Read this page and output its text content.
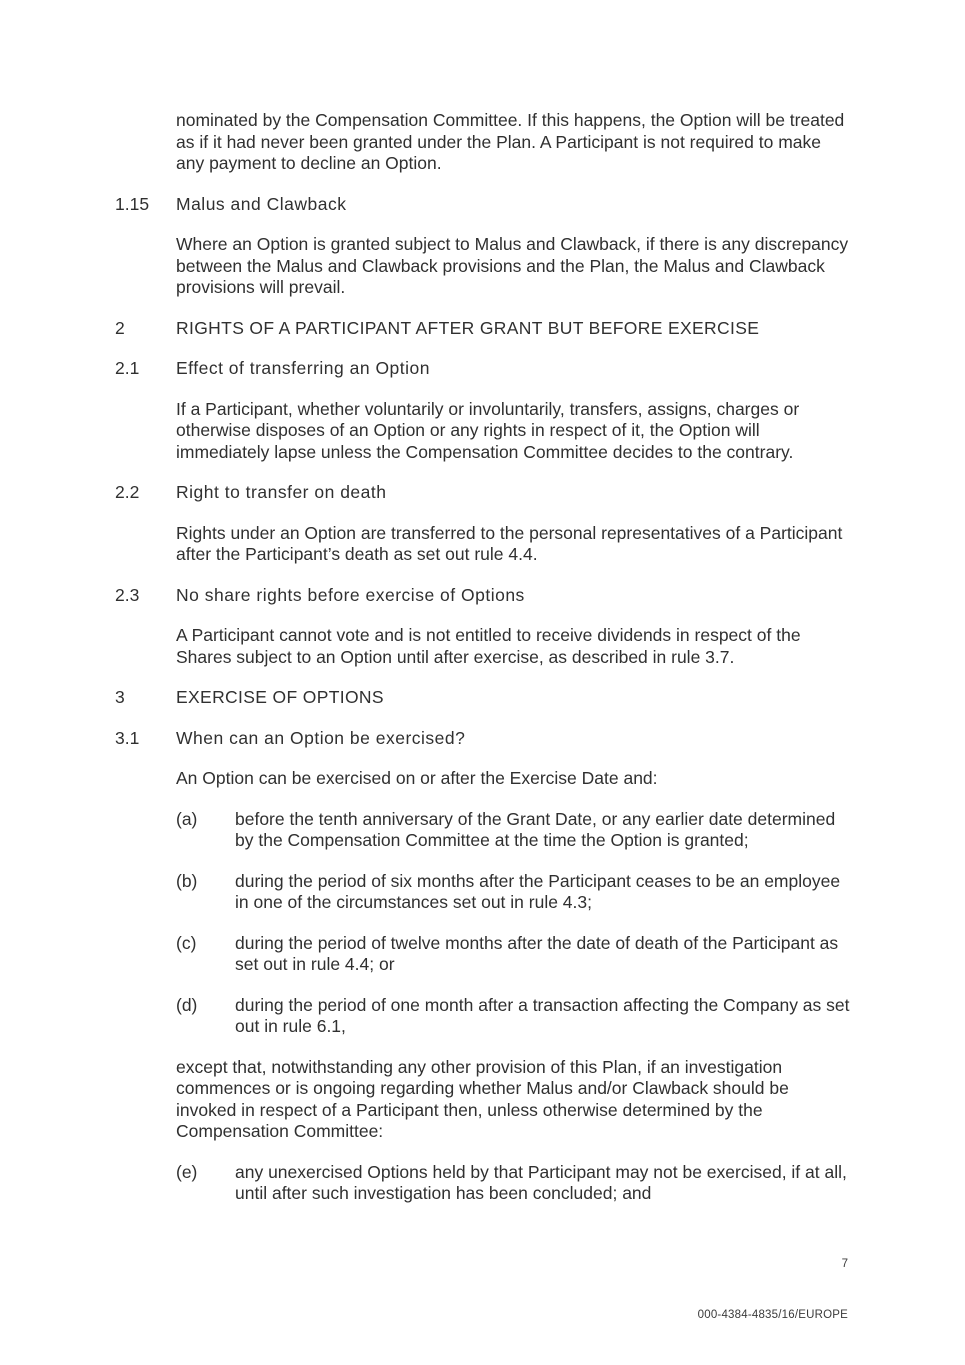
nominated by the Compensation Committee. If this happens, the Option will be treated as if it had never been granted under the Plan. A Participant is not required to make any payment to decline an Option.

1.15	Malus and Clawback

Where an Option is granted subject to Malus and Clawback, if there is any discrepancy between the Malus and Clawback provisions and the Plan, the Malus and Clawback provisions will prevail.

2	RIGHTS OF A PARTICIPANT AFTER GRANT BUT BEFORE EXERCISE
2.1	Effect of transferring an Option

If a Participant, whether voluntarily or involuntarily, transfers, assigns, charges or otherwise disposes of an Option or any rights in respect of it, the Option will immediately lapse unless the Compensation Committee decides to the contrary.

2.2	Right to transfer on death

Rights under an Option are transferred to the personal representatives of a Participant after the Participant’s death as set out rule 4.4.

2.3	No share rights before exercise of Options

A Participant cannot vote and is not entitled to receive dividends in respect of the Shares subject to an Option until after exercise, as described in rule 3.7.

3	EXERCISE OF OPTIONS
3.1	When can an Option be exercised?

An Option can be exercised on or after the Exercise Date and:

(a)	before the tenth anniversary of the Grant Date, or any earlier date determined by the Compensation Committee at the time the Option is granted;
(b)	during the period of six months after the Participant ceases to be an employee in one of the circumstances set out in rule 4.3;
(c)	during the period of twelve months after the date of death of the Participant as set out in rule 4.4; or
(d)	during the period of one month after a transaction affecting the Company as set out in rule 6.1,

except that, notwithstanding any other provision of this Plan, if an investigation commences or is ongoing regarding whether Malus and/or Clawback should be invoked in respect of a Participant then, unless otherwise determined by the Compensation Committee:

(e)	any unexercised Options held by that Participant may not be exercised, if at all, until after such investigation has been concluded; and
7
000-4384-4835/16/EUROPE
